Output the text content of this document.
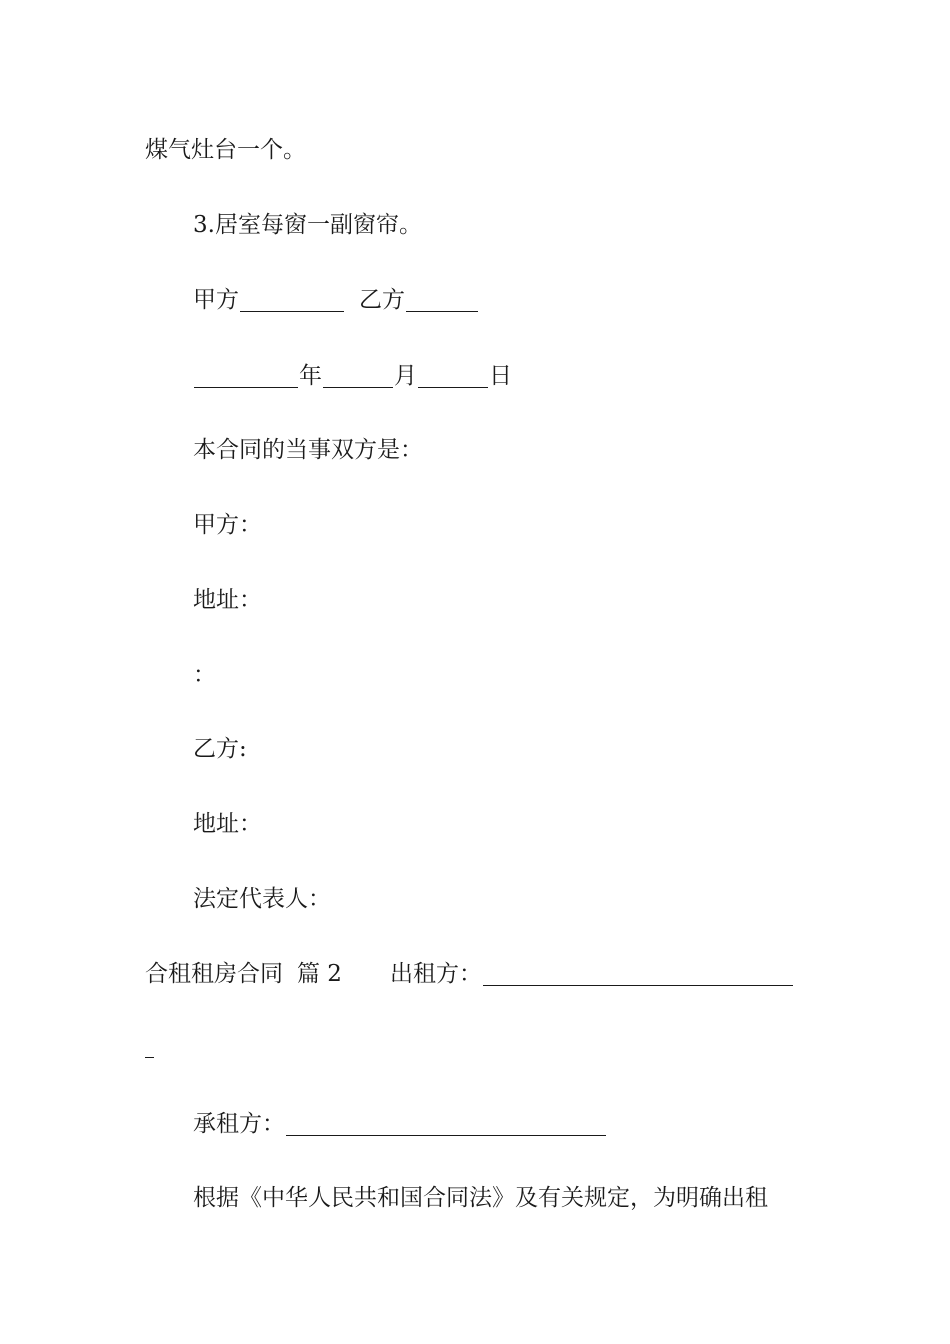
煤气灶台一个。
3.居室每窗一副窗帘。
甲方	乙方
年	月	日
本合同的当事双方是：
甲方：
地址：
：
乙方:
地址：
法定代表人：
合租租房合同 篇 2 出租方：
承租方：
根据《中华人民共和国合同法》及有关规定，为明确出租
